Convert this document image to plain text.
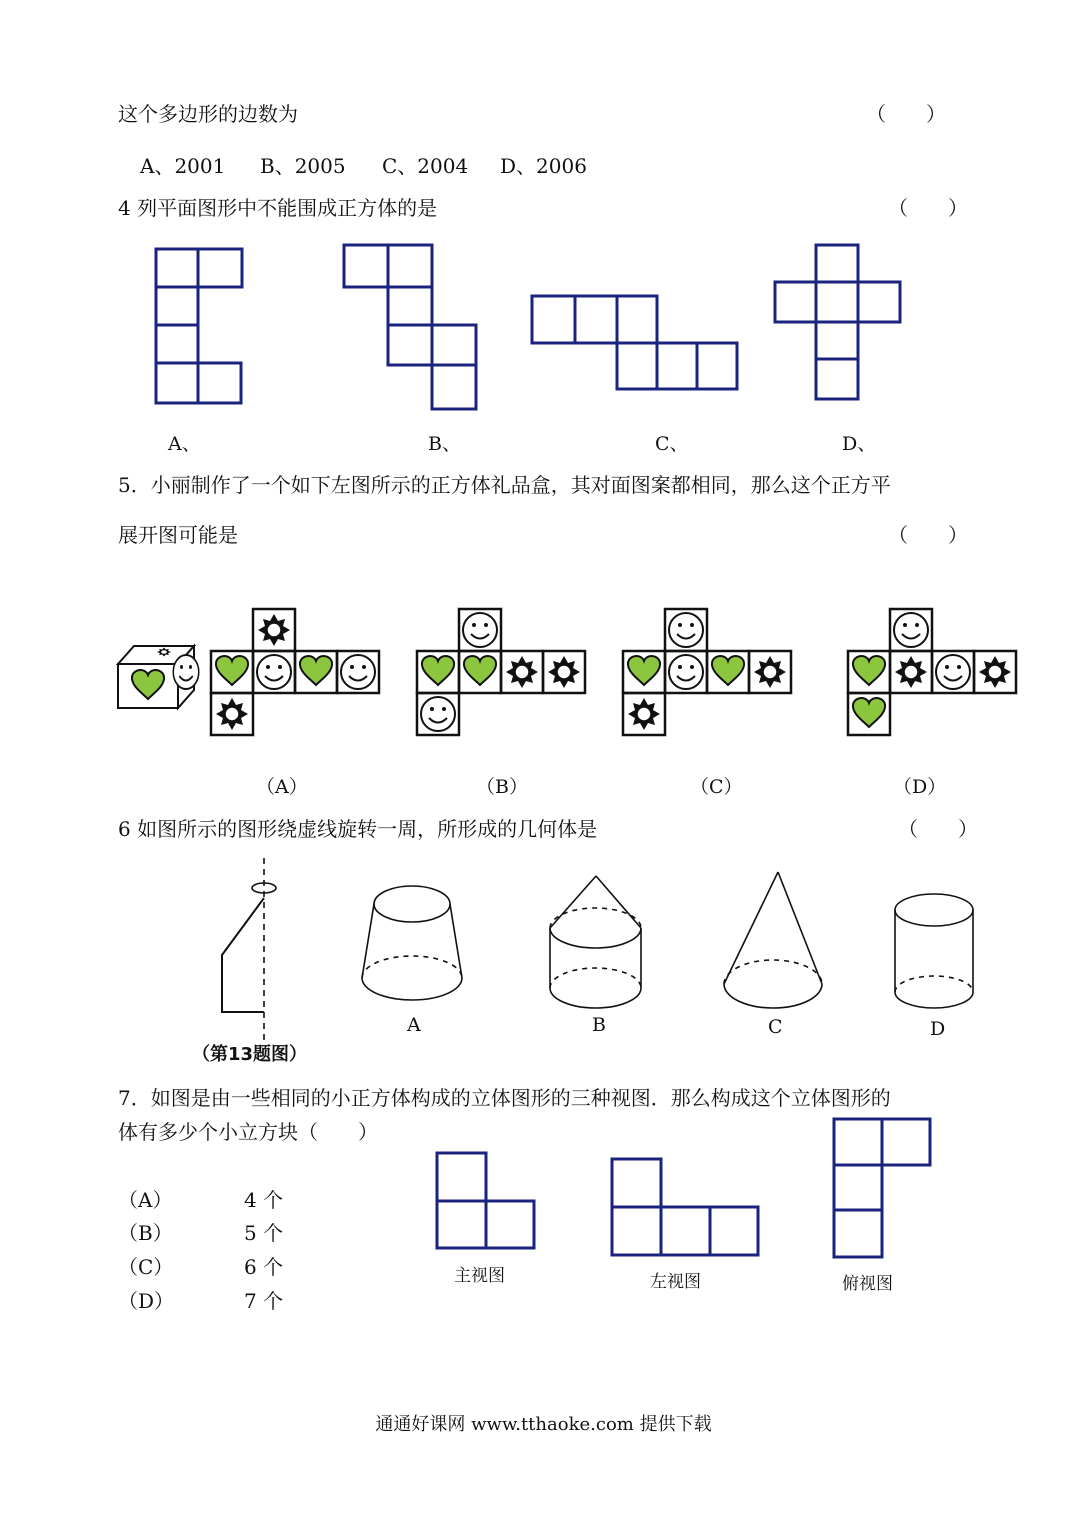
这个多边形的边数为	（　　）
A、2001 B、2005 C、2004 D、2006
4 列平面图形中不能围成正方体的是	（　　）
A、	B、	C、	D、
5．小丽制作了一个如下左图所示的正方体礼品盒，其对面图案都相同，那么这个正方平
展开图可能是	（　　）
（A）	（B）	（C）	（D）
6 如图所示的图形绕虚线旋转一周，所形成的几何体是	（　　）
（第13题图）
A	B	C	D
7．如图是由一些相同的小正方体构成的立体图形的三种视图．那么构成这个立体图形的
体有多少个小立方块（　　）
（A）	4 个
（B）	5 个
（C）	6 个
（D）	7 个
主视图	左视图	俯视图
通通好课网 www.tthaoke.com 提供下载
